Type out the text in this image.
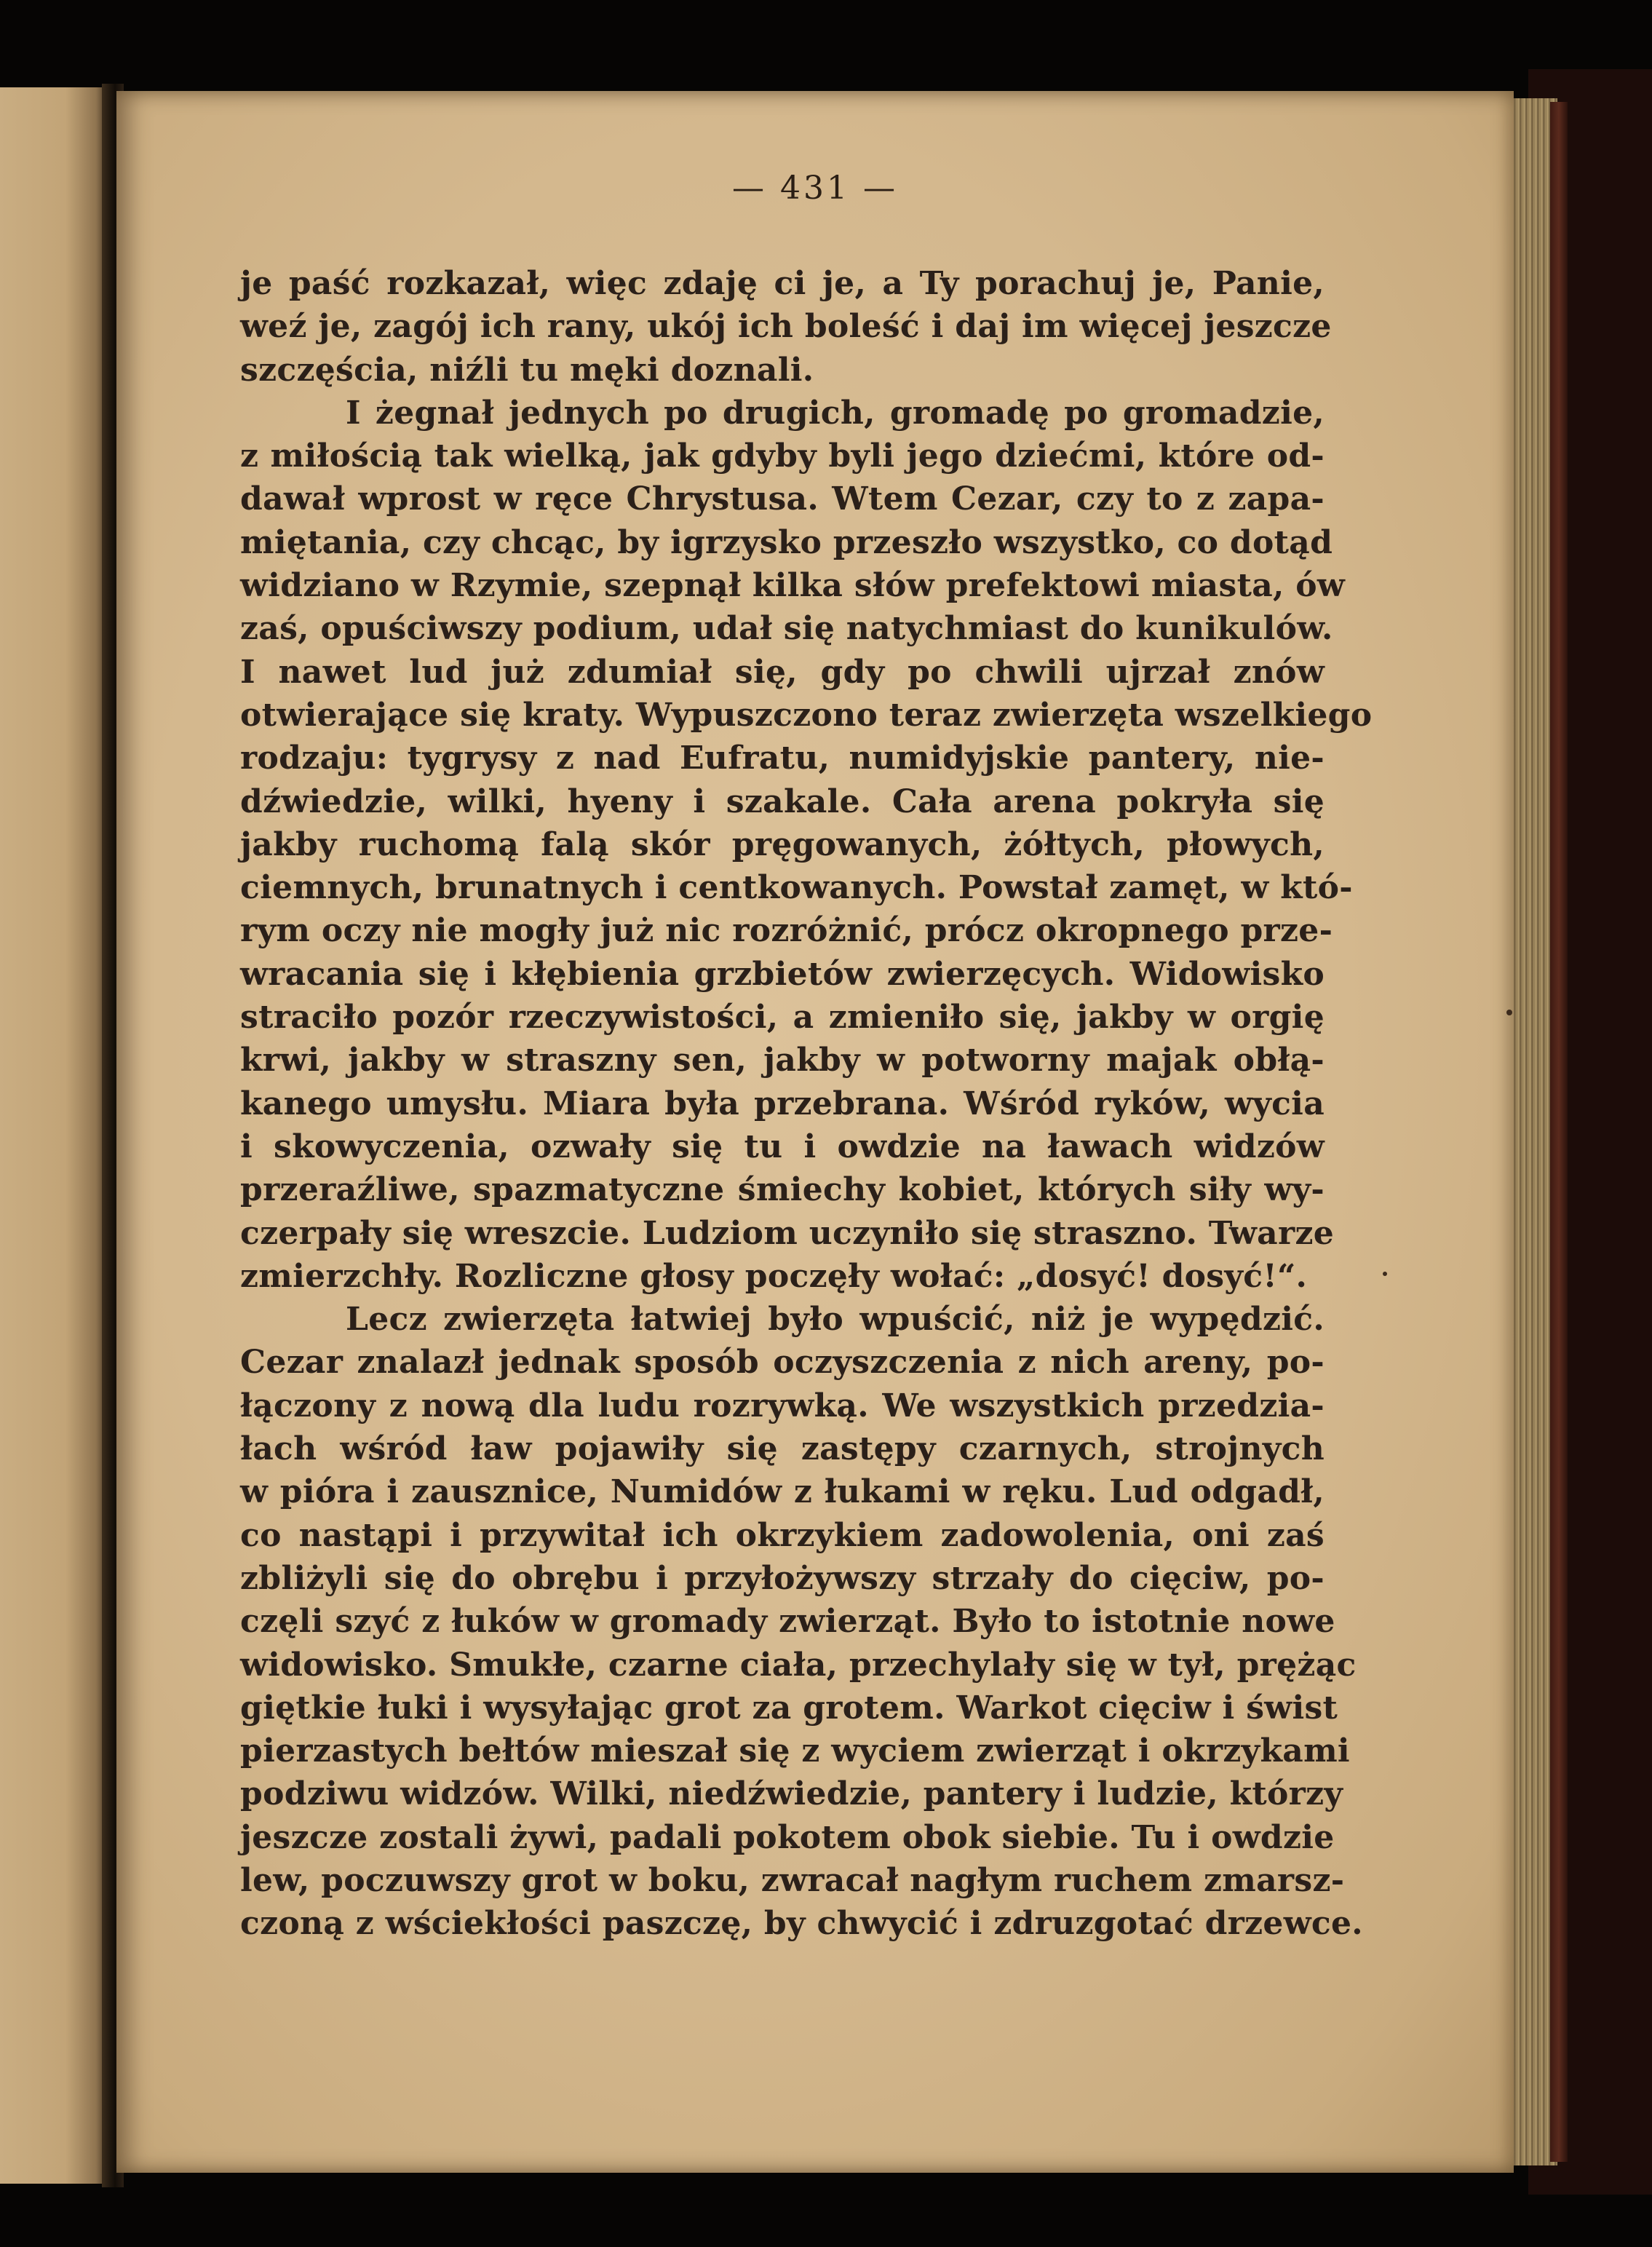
— 431 —
je paść rozkazał, więc zdaję ci je, a Ty porachuj je, Panie,
weź je, zagój ich rany, ukój ich boleść i daj im więcej jeszcze
szczęścia, niźli tu męki doznali.
I żegnał jednych po drugich, gromadę po gromadzie,
z miłością tak wielką, jak gdyby byli jego dziećmi, które od-
dawał wprost w ręce Chrystusa. Wtem Cezar, czy to z zapa-
miętania, czy chcąc, by igrzysko przeszło wszystko, co dotąd
widziano w Rzymie, szepnął kilka słów prefektowi miasta, ów
zaś, opuściwszy podium, udał się natychmiast do kunikulów.
I nawet lud już zdumiał się, gdy po chwili ujrzał znów
otwierające się kraty. Wypuszczono teraz zwierzęta wszelkiego
rodzaju: tygrysy z nad Eufratu, numidyjskie pantery, nie-
dźwiedzie, wilki, hyeny i szakale. Cała arena pokryła się
jakby ruchomą falą skór pręgowanych, żółtych, płowych,
ciemnych, brunatnych i centkowanych. Powstał zamęt, w któ-
rym oczy nie mogły już nic rozróżnić, prócz okropnego prze-
wracania się i kłębienia grzbietów zwierzęcych. Widowisko
straciło pozór rzeczywistości, a zmieniło się, jakby w orgię
krwi, jakby w straszny sen, jakby w potworny majak obłą-
kanego umysłu. Miara była przebrana. Wśród ryków, wycia
i skowyczenia, ozwały się tu i owdzie na ławach widzów
przeraźliwe, spazmatyczne śmiechy kobiet, których siły wy-
czerpały się wreszcie. Ludziom uczyniło się straszno. Twarze
zmierzchły. Rozliczne głosy poczęły wołać: „dosyć! dosyć!“.
Lecz zwierzęta łatwiej było wpuścić, niż je wypędzić.
Cezar znalazł jednak sposób oczyszczenia z nich areny, po-
łączony z nową dla ludu rozrywką. We wszystkich przedzia-
łach wśród ław pojawiły się zastępy czarnych, strojnych
w pióra i zausznice, Numidów z łukami w ręku. Lud odgadł,
co nastąpi i przywitał ich okrzykiem zadowolenia, oni zaś
zbliżyli się do obrębu i przyłożywszy strzały do cięciw, po-
częli szyć z łuków w gromady zwierząt. Było to istotnie nowe
widowisko. Smukłe, czarne ciała, przechylały się w tył, prężąc
giętkie łuki i wysyłając grot za grotem. Warkot cięciw i świst
pierzastych bełtów mieszał się z wyciem zwierząt i okrzykami
podziwu widzów. Wilki, niedźwiedzie, pantery i ludzie, którzy
jeszcze zostali żywi, padali pokotem obok siebie. Tu i owdzie
lew, poczuwszy grot w boku, zwracał nagłym ruchem zmarsz-
czoną z wściekłości paszczę, by chwycić i zdruzgotać drzewce.
